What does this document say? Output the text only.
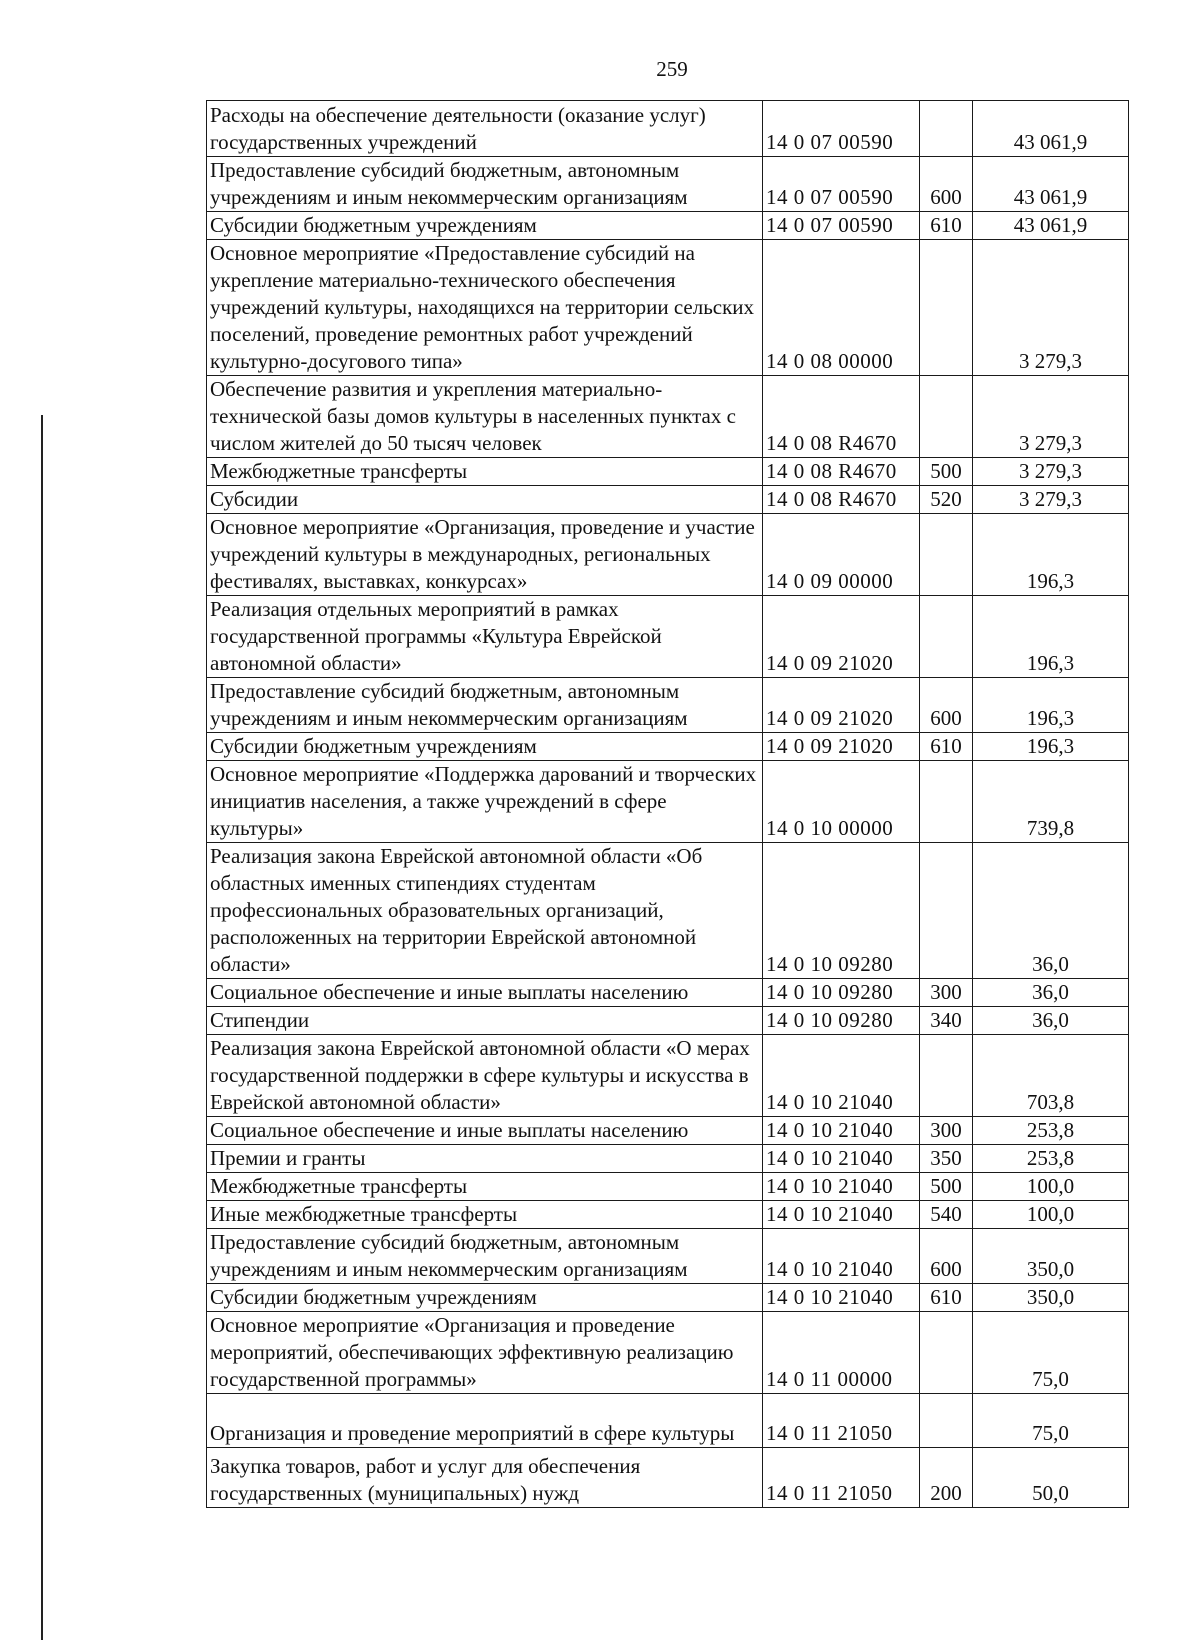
259
Расходы на обеспечение деятельности (оказание услуг) государственных учреждений	14 0 07 00590		43 061,9
Предоставление субсидий бюджетным, автономным учреждениям и иным некоммерческим организациям	14 0 07 00590	600	43 061,9
Субсидии бюджетным учреждениям	14 0 07 00590	610	43 061,9
Основное мероприятие «Предоставление субсидий на укрепление материально-технического обеспечения учреждений культуры, находящихся на территории сельских поселений, проведение ремонтных работ учреждений культурно-досугового типа»	14 0 08 00000		3 279,3
Обеспечение развития и укрепления материально-технической базы домов культуры в населенных пунктах с числом жителей до 50 тысяч человек	14 0 08 R4670		3 279,3
Межбюджетные трансферты	14 0 08 R4670	500	3 279,3
Субсидии	14 0 08 R4670	520	3 279,3
Основное мероприятие «Организация, проведение и участие учреждений культуры в международных, региональных фестивалях, выставках, конкурсах»	14 0 09 00000		196,3
Реализация отдельных мероприятий в рамках государственной программы «Культура Еврейской автономной области»	14 0 09 21020		196,3
Предоставление субсидий бюджетным, автономным учреждениям и иным некоммерческим организациям	14 0 09 21020	600	196,3
Субсидии бюджетным учреждениям	14 0 09 21020	610	196,3
Основное мероприятие «Поддержка дарований и творческих инициатив населения, а также учреждений в сфере культуры»	14 0 10 00000		739,8
Реализация закона Еврейской автономной области «Об областных именных стипендиях студентам профессиональных образовательных организаций, расположенных на территории Еврейской автономной области»	14 0 10 09280		36,0
Социальное обеспечение и иные выплаты населению	14 0 10 09280	300	36,0
Стипендии	14 0 10 09280	340	36,0
Реализация закона Еврейской автономной области «О мерах государственной поддержки в сфере культуры и искусства в Еврейской автономной области»	14 0 10 21040		703,8
Социальное обеспечение и иные выплаты населению	14 0 10 21040	300	253,8
Премии и гранты	14 0 10 21040	350	253,8
Межбюджетные трансферты	14 0 10 21040	500	100,0
Иные межбюджетные трансферты	14 0 10 21040	540	100,0
Предоставление субсидий бюджетным, автономным учреждениям и иным некоммерческим организациям	14 0 10 21040	600	350,0
Субсидии бюджетным учреждениям	14 0 10 21040	610	350,0
Основное мероприятие «Организация и проведение мероприятий, обеспечивающих эффективную реализацию государственной программы»	14 0 11 00000		75,0
Организация и проведение мероприятий в сфере культуры	14 0 11 21050		75,0
Закупка товаров, работ и услуг для обеспечения государственных (муниципальных) нужд	14 0 11 21050	200	50,0
